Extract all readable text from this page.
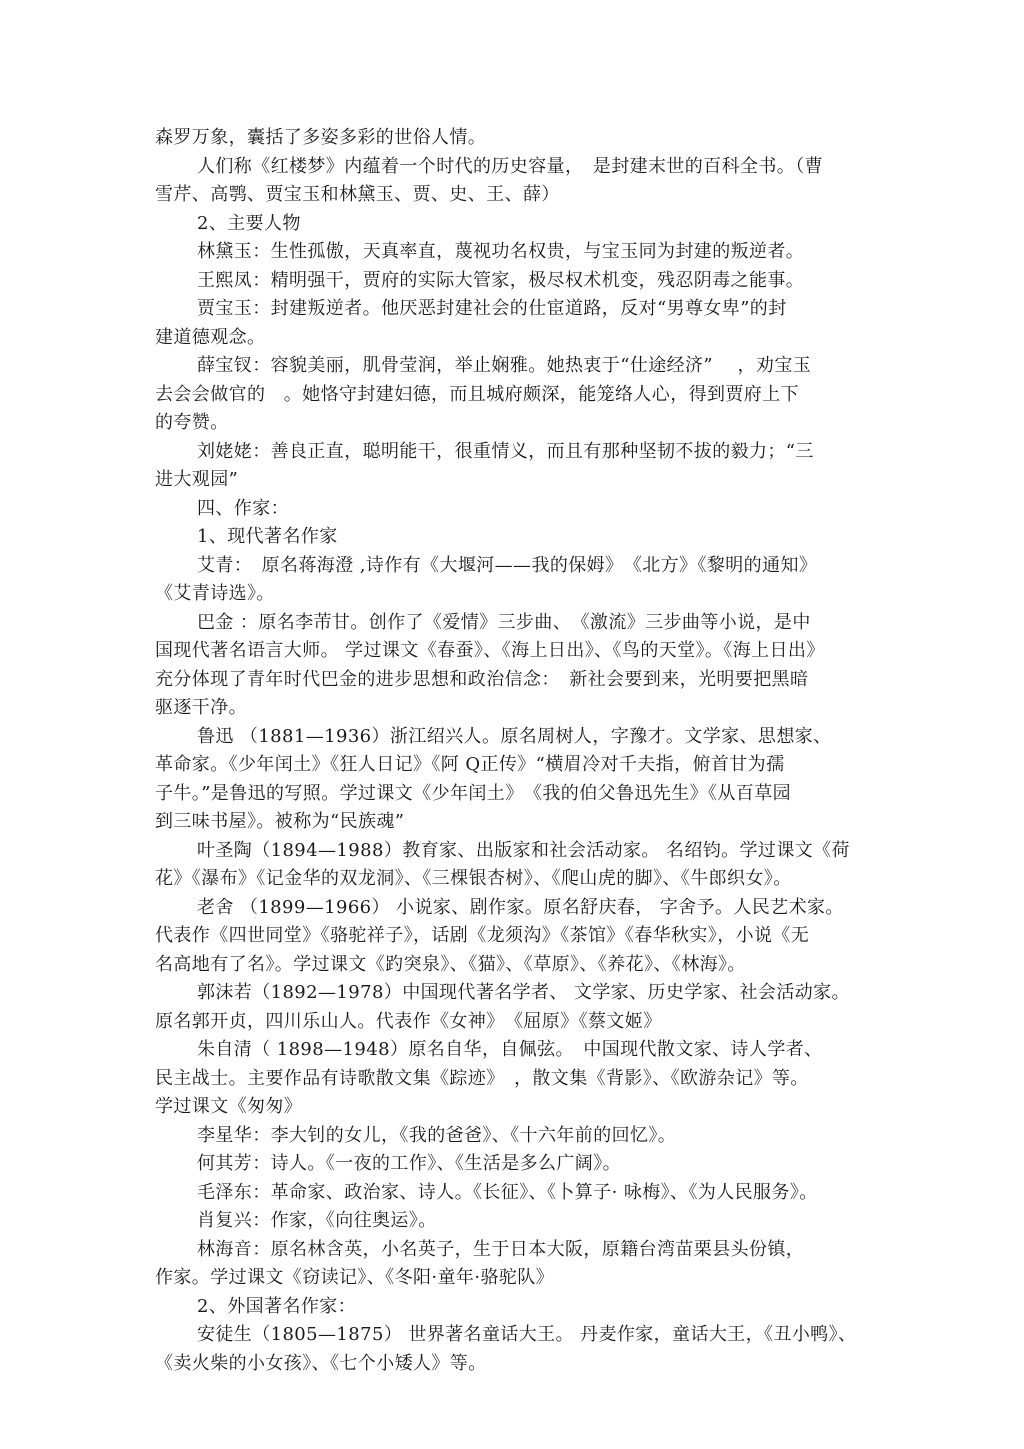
森罗万象，囊括了多姿多彩的世俗人情。
人们称《红楼梦》内蕴着一个时代的历史容量，　是封建末世的百科全书。（曹
雪芹、高鹗、贾宝玉和林黛玉、贾、史、王、薛）
2、主要人物
林黛玉：生性孤傲，天真率直，蔑视功名权贵，与宝玉同为封建的叛逆者。
王熙凤：精明强干，贾府的实际大管家，极尽权术机变，残忍阴毒之能事。
贾宝玉：封建叛逆者。他厌恶封建社会的仕宦道路，反对“男尊女卑”的封
建道德观念。
薛宝钗：容貌美丽，肌骨莹润，举止娴雅。她热衷于“仕途经济”　 ，劝宝玉
去会会做官的　。她恪守封建妇德，而且城府颇深，能笼络人心，得到贾府上下
的夸赞。
刘姥姥：善良正直，聪明能干，很重情义，而且有那种坚韧不拔的毅力；“三
进大观园”
四、作家：
1、现代著名作家
艾青：　原名蒋海澄 ,诗作有《大堰河——我的保姆》　《北方》《黎明的通知》
《艾青诗选》。
巴金 ：原名李芾甘。创作了《爱情》三步曲、　《激流》三步曲等小说，是中
国现代著名语言大师。 学过课文《春蚕》、《海上日出》、《鸟的天堂》。《海上日出》
充分体现了青年时代巴金的进步思想和政治信念：　新社会要到来，光明要把黑暗
驱逐干净。
鲁迅 （1881—1936）浙江绍兴人。原名周树人，字豫才。文学家、思想家、
革命家。《少年闰土》《狂人日记》《阿 Q正传》“横眉冷对千夫指，俯首甘为孺
子牛。”是鲁迅的写照。学过课文《少年闰土》　《我的伯父鲁迅先生》《从百草园
到三味书屋》。被称为“民族魂”
叶圣陶（1894—1988）教育家、出版家和社会活动家。 名绍钧。学过课文《荷
花》《瀑布》《记金华的双龙洞》、《三棵银杏树》、《爬山虎的脚》、《牛郎织女》。
老舍 （1899—1966） 小说家、剧作家。原名舒庆春， 字舍予。人民艺术家。
代表作《四世同堂》《骆驼祥子》，话剧《龙须沟》《茶馆》《春华秋实》，小说《无
名高地有了名》。学过课文《趵突泉》、《猫》、《草原》、《养花》、《林海》。
郭沫若（1892—1978）中国现代著名学者、 文学家、历史学家、社会活动家。
原名郭开贞，四川乐山人。代表作《女神》　《屈原》《蔡文姬》
朱自清（ 1898—1948）原名自华，自佩弦。　中国现代散文家、诗人学者、
民主战士。主要作品有诗歌散文集《踪迹》　，散文集《背影》、《欧游杂记》等。
学过课文《匆匆》
李星华：李大钊的女儿，《我的爸爸》、《十六年前的回忆》。
何其芳：诗人。《一夜的工作》、《生活是多么广阔》。
毛泽东：革命家、政治家、诗人。《长征》、《卜算子· 咏梅》、《为人民服务》。
肖复兴：作家，《向往奥运》。
林海音：原名林含英，小名英子，生于日本大阪，原籍台湾苗栗县头份镇，
作家。学过课文《窃读记》、《冬阳·童年·骆驼队》
2、外国著名作家：
安徒生（1805—1875） 世界著名童话大王。 丹麦作家，童话大王，《丑小鸭》、
《卖火柴的小女孩》、《七个小矮人》等。
